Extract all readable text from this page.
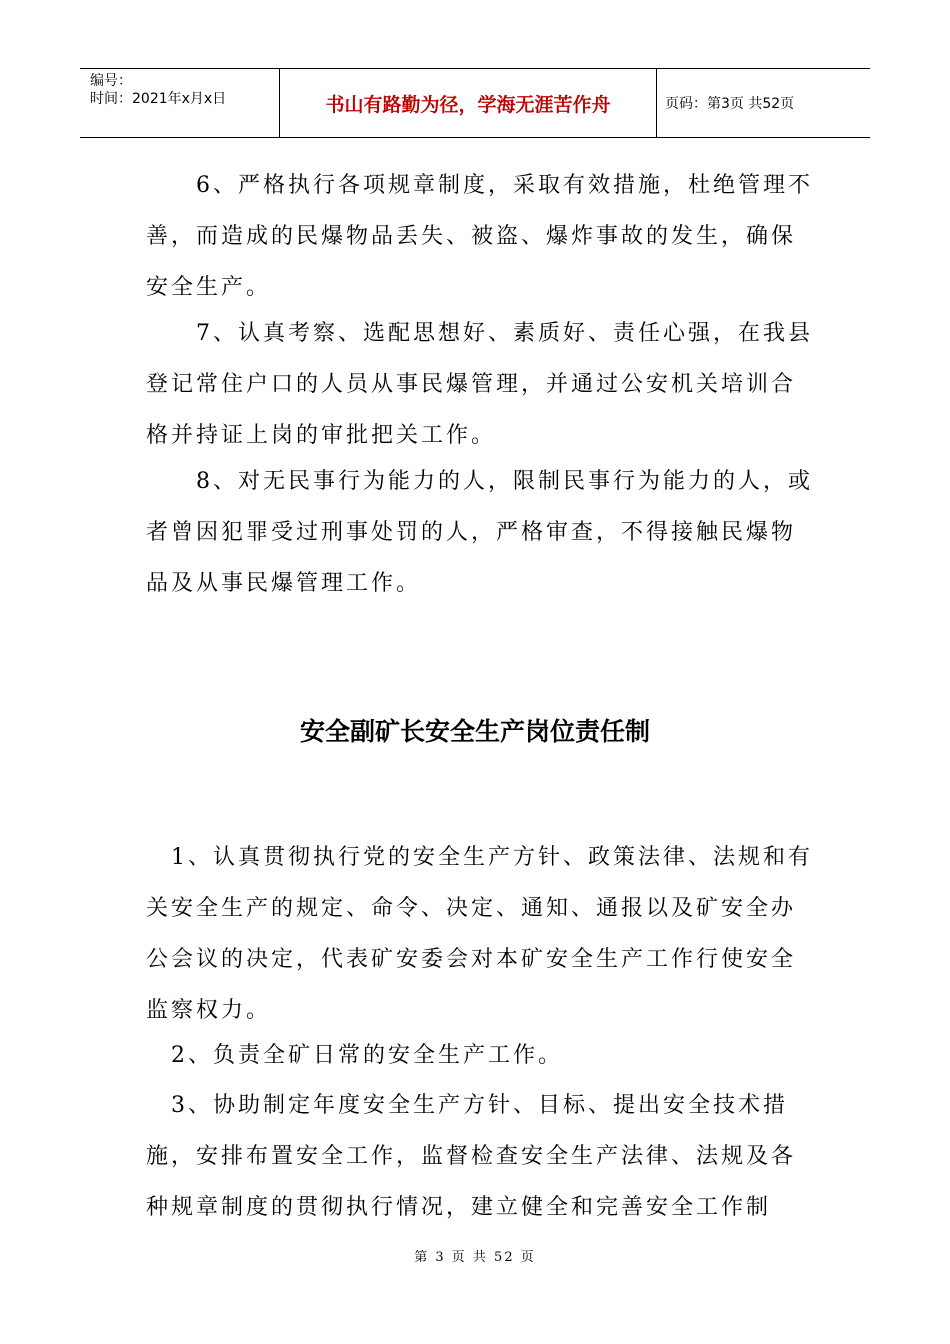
编号：
时间：2021年x月x日	书山有路勤为径，学海无涯苦作舟	页码：第3页 共52页

　　6、严格执行各项规章制度，采取有效措施，杜绝管理不善，而造成的民爆物品丢失、被盗、爆炸事故的发生，确保安全生产。

　　7、认真考察、选配思想好、素质好、责任心强，在我县登记常住户口的人员从事民爆管理，并通过公安机关培训合格并持证上岗的审批把关工作。

　　8、对无民事行为能力的人，限制民事行为能力的人，或者曾因犯罪受过刑事处罚的人，严格审查，不得接触民爆物品及从事民爆管理工作。

安全副矿长安全生产岗位责任制

　1、认真贯彻执行党的安全生产方针、政策法律、法规和有关安全生产的规定、命令、决定、通知、通报以及矿安全办公会议的决定，代表矿安委会对本矿安全生产工作行使安全监察权力。

　2、负责全矿日常的安全生产工作。

　3、协助制定年度安全生产方针、目标、提出安全技术措施，安排布置安全工作，监督检查安全生产法律、法规及各种规章制度的贯彻执行情况，建立健全和完善安全工作制

第 3 页 共 52 页
